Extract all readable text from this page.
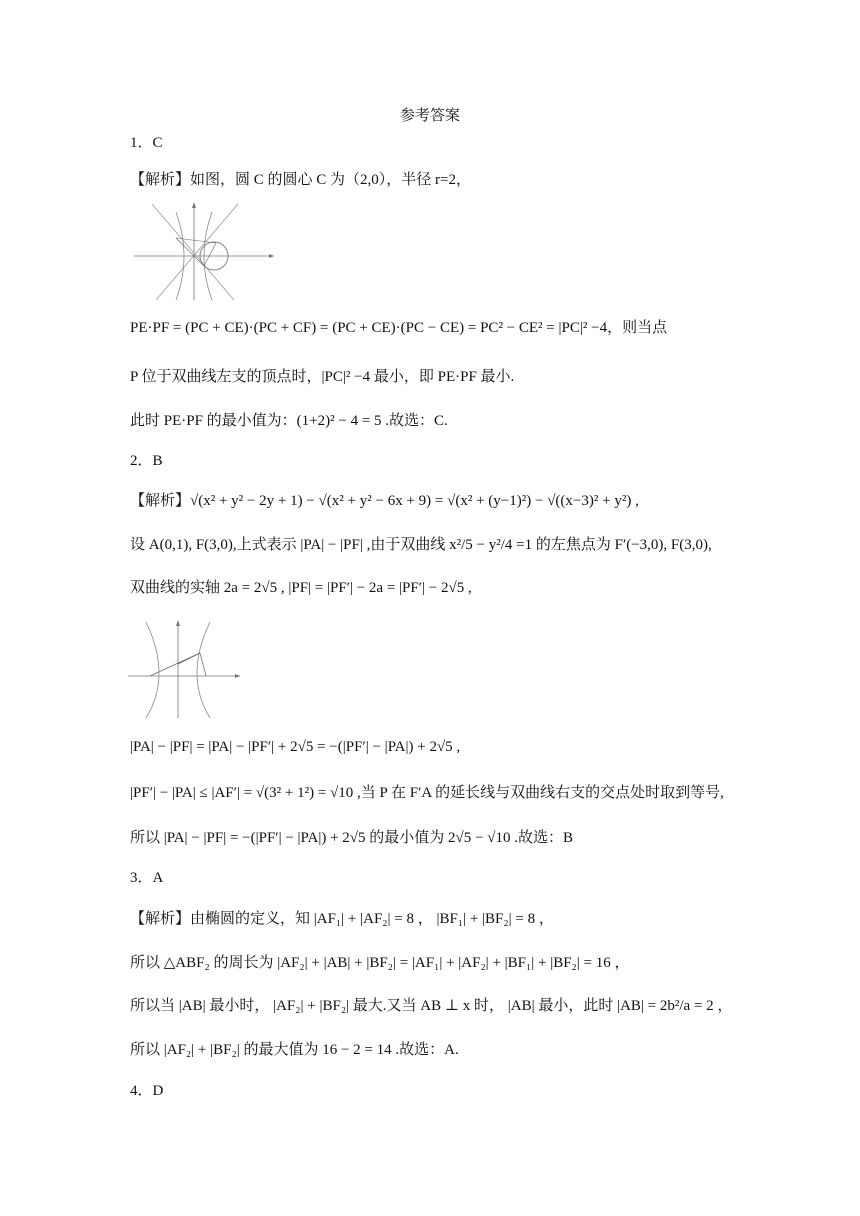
参考答案
1．C
【解析】如图，圆 C 的圆心 C 为（2,0），半径 r=2，
PE·PF = (PC + CE)·(PC + CF) = (PC + CE)·(PC − CE) = PC² − CE² = |PC|² −4，则当点
P 位于双曲线左支的顶点时，|PC|² −4 最小，即 PE·PF 最小.
此时 PE·PF 的最小值为：(1+2)² − 4 = 5 .故选：C.
2．B
【解析】√(x² + y² − 2y + 1) − √(x² + y² − 6x + 9) = √(x² + (y−1)²) − √((x−3)² + y²) ,
设 A(0,1), F(3,0),上式表示 |PA| − |PF| ,由于双曲线 x²/5 − y²/4 =1 的左焦点为 F′(−3,0), F(3,0),
双曲线的实轴 2a = 2√5 , |PF| = |PF′| − 2a = |PF′| − 2√5 ,
|PA| − |PF| = |PA| − |PF′| + 2√5 = −(|PF′| − |PA|) + 2√5 ,
|PF′| − |PA| ≤ |AF′| = √(3² + 1²) = √10 ,当 P 在 F′A 的延长线与双曲线右支的交点处时取到等号,
所以 |PA| − |PF| = −(|PF′| − |PA|) + 2√5 的最小值为 2√5 − √10 .故选：B
3．A
【解析】由椭圆的定义，知 |AF₁| + |AF₂| = 8 ， |BF₁| + |BF₂| = 8 ，
所以 △ABF₂ 的周长为 |AF₂| + |AB| + |BF₂| = |AF₁| + |AF₂| + |BF₁| + |BF₂| = 16 ，
所以当 |AB| 最小时， |AF₂| + |BF₂| 最大.又当 AB ⊥ x 时， |AB| 最小，此时 |AB| = 2b²/a = 2 ，
所以 |AF₂| + |BF₂| 的最大值为 16 − 2 = 14 .故选：A.
4．D
